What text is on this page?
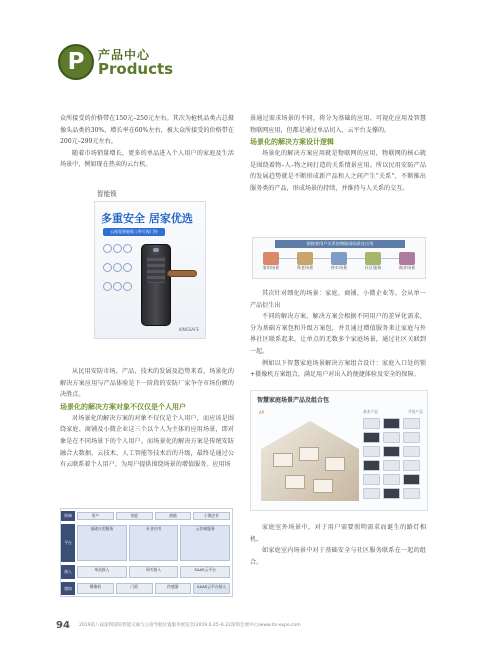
P	产品中心
Products

众所接受的价格带在150元–250元左右。其次为枪机品类占总摄像头品类的30%，增长率在60%左右，被大众所接受的价格带在200元–299元左右。

随着市场销量增长，更多的单品进入个人用户的家庭及生活场景中，例如现在热卖的云台机。

智能锁
多重安全 居家优选
云视觉智能锁 | 带可视门铃

KINGSAFE

从民用安防市场、产品、技术的发展及趋势来看，场景化的解决方案应用与产品体验是下一阶段的安防厂家争夺市场份额的决胜点。

场景化的解决方案对象不仅仅是个人用户

对场景化的解决方案的对象不仅仅是个人用户，而应该是围绕家庭、商铺及小微企业这三个以个人为主体的应用场景，即对象是在不同场景下的个人用户。而场景化的解决方案是传统安防融合大数据、云技术、人工智能等技术后的升级，最终是通过公有云联系着个人用户，为用户提供围绕场景的增值服务。应用场

终端	用户	家庭	商铺	小微企业
平台
基础应用服务	专业应用	云存储服务
接入	单品接入	网关接入	SAAS云平台
感知	摄像机	门锁	传感器	SAAS云平台接入

景通过需求场景的不同，将分为基础的应用、可视化应用及智慧物联网应用，但都是通过单品切入、云平台支撑的。

场景化的解决方案设计逻辑

场景化的解决方案应用就是物联网的应用，物联网的核心就是围绕着物–人–物之间打造的关系情景应用。所以民用安防产品的发展趋势就是不断形成新产品和人之间产生“关系”，不断推出服务类的产品，形成场景的持续，并维持与人关系的交互。

围绕着用户关系的物联网场景化应用
家用场景	养老场景	停车场景	社区服务	商业场景

其次针对细化的场景：家庭、商铺、小微企业等。会从单一产品衍生出

不同的解决方案，解决方案会根据不同用户的差异化需求，分为基础方案包和升级方案包，并且通过增值服务来让家庭与外界社区联系起来，让单点的无数多个家庭场景，通过社区关联到一起。

例如以下智慧家庭场景解决方案组合设计：家庭入口处的锁+摄像机方案组合，满足用户对出入的便捷体验及安全的保障。

智慧家庭场景产品及组合包
AP	基本产品	升级产品

家庭室外场景中，对于用户需要照明需求而诞生的路灯相机。

如家庭室内场景中对于基础安全与社区服务联系在一起的组合。

94 2019第八届深圳国际智能交通与公富导航位置服务展览会(2019.6.25–6.22深圳会展中心)www.its-expo.com
